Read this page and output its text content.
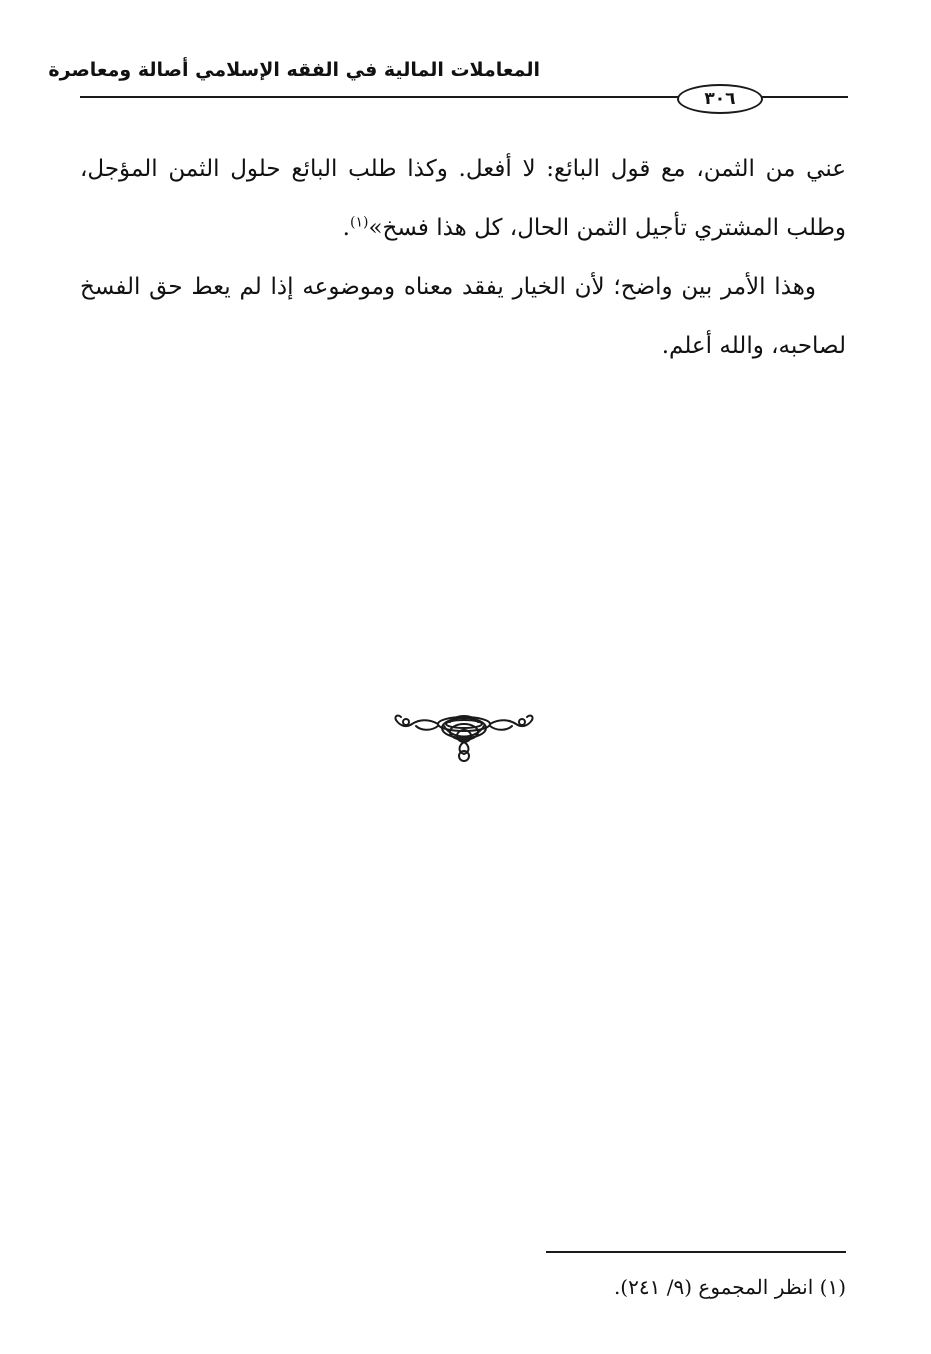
المعاملات المالية في الفقه الإسلامي أصالة ومعاصرة
٣٠٦

عني من الثمن، مع قول البائع: لا أفعل. وكذا طلب البائع حلول الثمن المؤجل، وطلب المشتري تأجيل الثمن الحال، كل هذا فسخ»$^{(١)}$.

وهذا الأمر بين واضح؛ لأن الخيار يفقد معناه وموضوعه إذا لم يعط حق الفسخ لصاحبه، والله أعلم.

(١) انظر المجموع (٩/ ٢٤١).
